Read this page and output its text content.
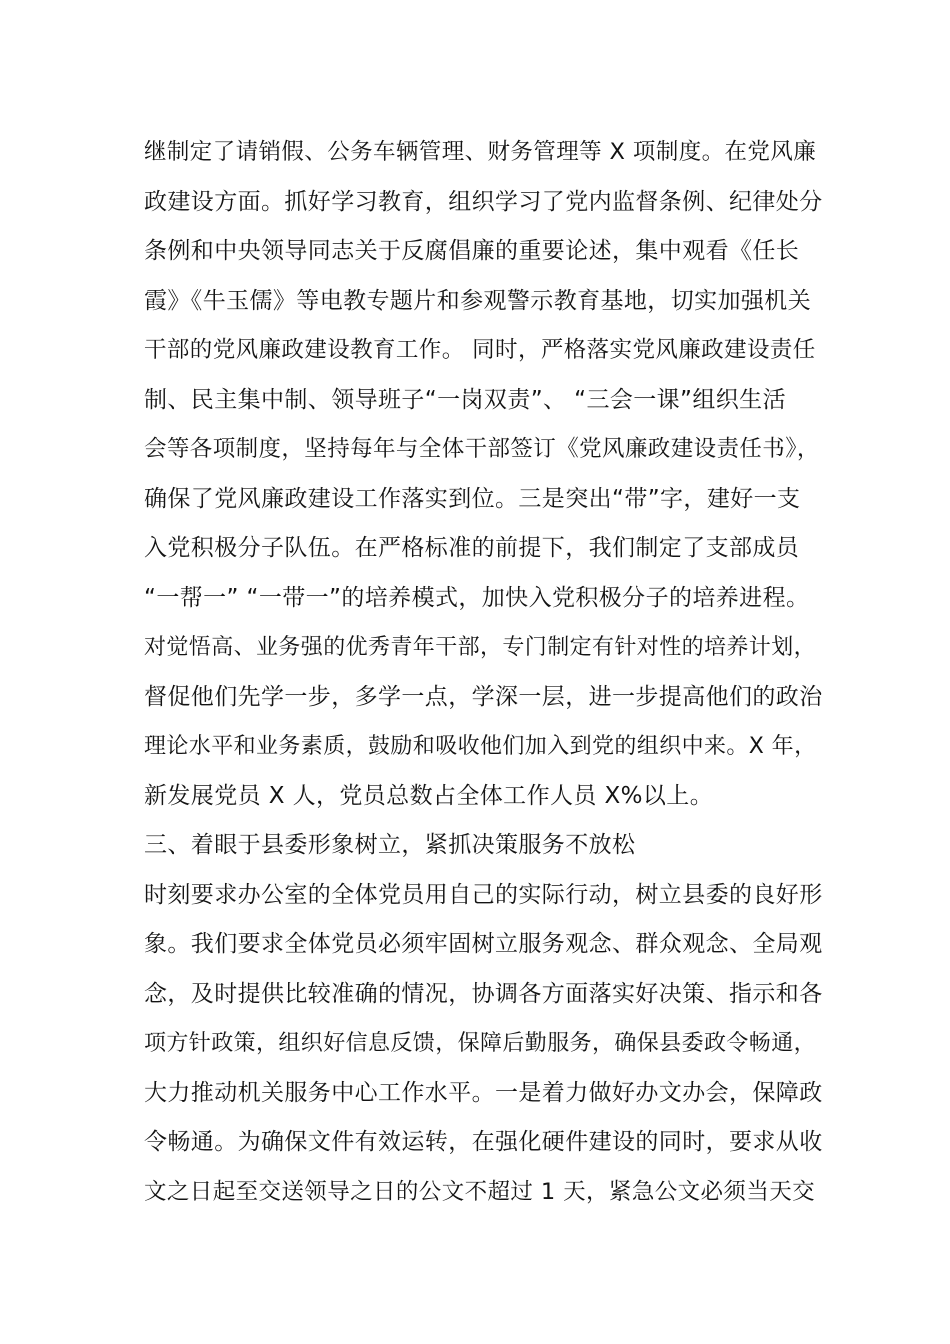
继制定了请销假、公务车辆管理、财务管理等 X 项制度。在党风廉
政建设方面。抓好学习教育，组织学习了党内监督条例、纪律处分
条例和中央领导同志关于反腐倡廉的重要论述，集中观看《任长
霞》《牛玉儒》等电教专题片和参观警示教育基地，切实加强机关
干部的党风廉政建设教育工作。 同时，严格落实党风廉政建设责任
制、民主集中制、领导班子“一岗双责”、 “三会一课”组织生活
会等各项制度，坚持每年与全体干部签订《党风廉政建设责任书》，
确保了党风廉政建设工作落实到位。三是突出“带”字，建好一支
入党积极分子队伍。在严格标准的前提下，我们制定了支部成员
“一帮一” “一带一”的培养模式，加快入党积极分子的培养进程。
对觉悟高、业务强的优秀青年干部，专门制定有针对性的培养计划，
督促他们先学一步，多学一点，学深一层，进一步提高他们的政治
理论水平和业务素质，鼓励和吸收他们加入到党的组织中来。X 年，
新发展党员 X 人，党员总数占全体工作人员 X%以上。
三、着眼于县委形象树立，紧抓决策服务不放松
时刻要求办公室的全体党员用自己的实际行动，树立县委的良好形
象。我们要求全体党员必须牢固树立服务观念、群众观念、全局观
念，及时提供比较准确的情况，协调各方面落实好决策、指示和各
项方针政策，组织好信息反馈，保障后勤服务，确保县委政令畅通，
大力推动机关服务中心工作水平。一是着力做好办文办会，保障政
令畅通。为确保文件有效运转，在强化硬件建设的同时，要求从收
文之日起至交送领导之日的公文不超过 1 天，紧急公文必须当天交
